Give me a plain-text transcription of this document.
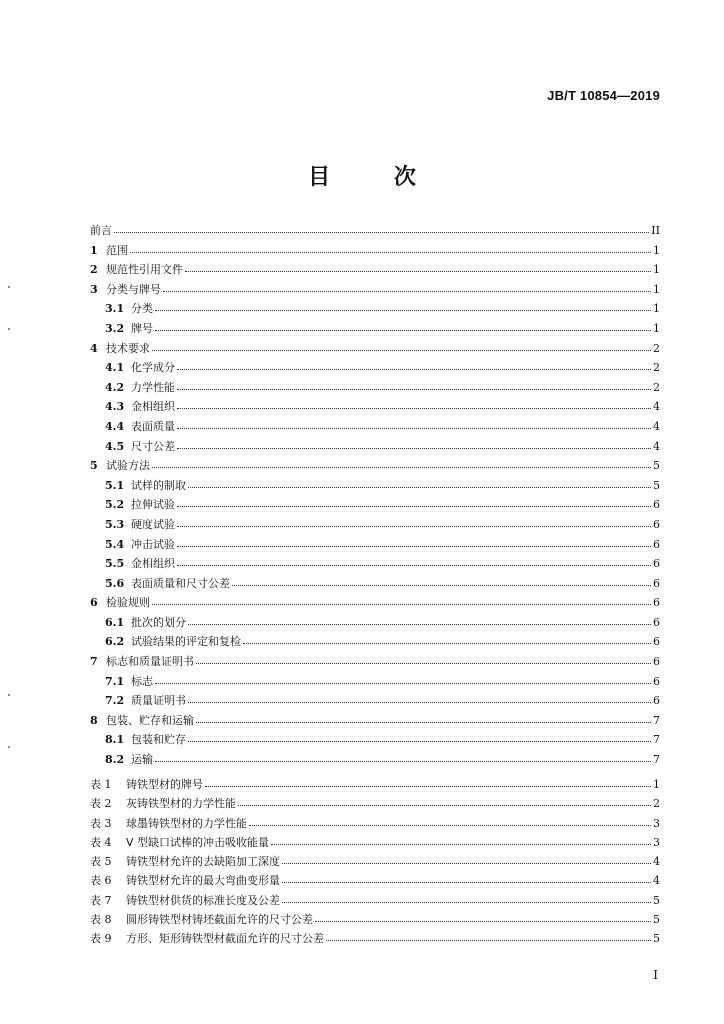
JB/T 10854—2019
目 次
前言	II
1 范围	1
2 规范性引用文件	1
3 分类与牌号	1
3.1 分类	1
3.2 牌号	1
4 技术要求	2
4.1 化学成分	2
4.2 力学性能	2
4.3 金相组织	4
4.4 表面质量	4
4.5 尺寸公差	4
5 试验方法	5
5.1 试样的制取	5
5.2 拉伸试验	6
5.3 硬度试验	6
5.4 冲击试验	6
5.5 金相组织	6
5.6 表面质量和尺寸公差	6
6 检验规则	6
6.1 批次的划分	6
6.2 试验结果的评定和复检	6
7 标志和质量证明书	6
7.1 标志	6
7.2 质量证明书	6
8 包装、贮存和运输	7
8.1 包装和贮存	7
8.2 运输	7
表 1	铸铁型材的牌号	1
表 2	灰铸铁型材的力学性能	2
表 3	球墨铸铁型材的力学性能	3
表 4	V 型缺口试棒的冲击吸收能量	3
表 5	铸铁型材允许的去缺陷加工深度	4
表 6	铸铁型材允许的最大弯曲变形量	4
表 7	铸铁型材供货的标准长度及公差	5
表 8	圆形铸铁型材铸坯截面允许的尺寸公差	5
表 9	方形、矩形铸铁型材截面允许的尺寸公差	5
I
